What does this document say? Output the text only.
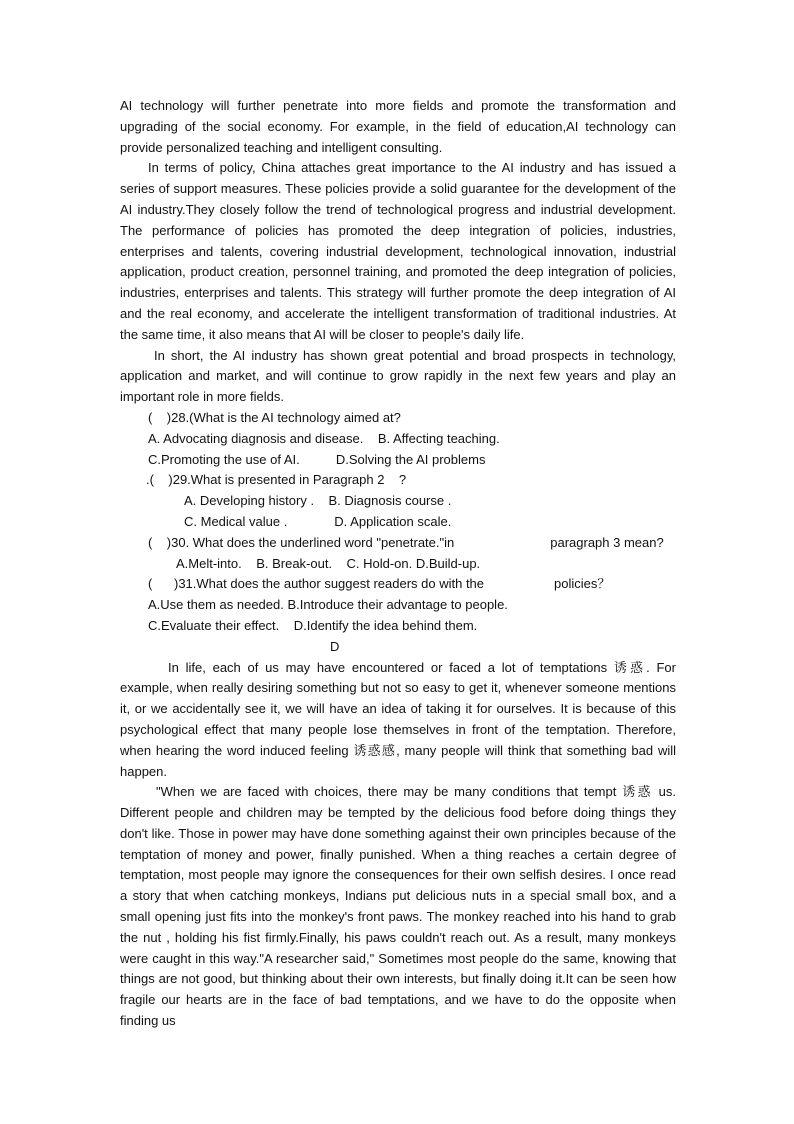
AI technology will further penetrate into more fields and promote the transformation and upgrading of the social economy. For example, in the field of education,AI technology can provide personalized teaching and intelligent consulting.

In terms of policy, China attaches great importance to the AI industry and has issued a series of support measures. These policies provide a solid guarantee for the development of the AI industry.They closely follow the trend of technological progress and industrial development. The performance of policies has promoted the deep integration of policies, industries, enterprises and talents, covering industrial development, technological innovation, industrial application, product creation, personnel training, and promoted the deep integration of policies, industries, enterprises and talents. This strategy will further promote the deep integration of AI and the real economy, and accelerate the intelligent transformation of traditional industries. At the same time, it also means that AI will be closer to people's daily life.

In short, the AI industry has shown great potential and broad prospects in technology, application and market, and will continue to grow rapidly in the next few years and play an important role in more fields.

(    )28.(What is the AI technology aimed at?
A. Advocating diagnosis and disease.    B. Affecting teaching.
C.Promoting the use of AI.          D.Solving the AI problems
.(    )29.What is presented in Paragraph 2    ?
A. Developing history .    B. Diagnosis course .
C. Medical value .             D. Application scale.
(    )30. What does the underlined word "penetrate."in	paragraph 3 mean?
A.Melt-into.    B. Break-out.    C. Hold-on. D.Build-up.
(      )31.What does the author suggest readers do with the	policies？
A.Use them as needed. B.Introduce their advantage to people.
C.Evaluate their effect.    D.Identify the idea behind them.
D

In life, each of us may have encountered or faced a lot of temptations 诱惑. For example, when really desiring something but not so easy to get it, whenever someone mentions it, or we accidentally see it, we will have an idea of taking it for ourselves. It is because of this psychological effect that many people lose themselves in front of the temptation. Therefore, when hearing the word induced feeling 诱惑感, many people will think that something bad will happen.

"When we are faced with choices, there may be many conditions that tempt 诱惑 us. Different people and children may be tempted by the delicious food before doing things they don't like. Those in power may have done something against their own principles because of the temptation of money and power, finally punished. When a thing reaches a certain degree of temptation, most people may ignore the consequences for their own selfish desires. I once read a story that when catching monkeys, Indians put delicious nuts in a special small box, and a small opening just fits into the monkey's front paws. The monkey reached into his hand to grab the nut , holding his fist firmly.Finally, his paws couldn't reach out. As a result, many monkeys were caught in this way."A researcher said," Sometimes most people do the same, knowing that things are not good, but thinking about their own interests, but finally doing it.It can be seen how fragile our hearts are in the face of bad temptations, and we have to do the opposite when finding us
